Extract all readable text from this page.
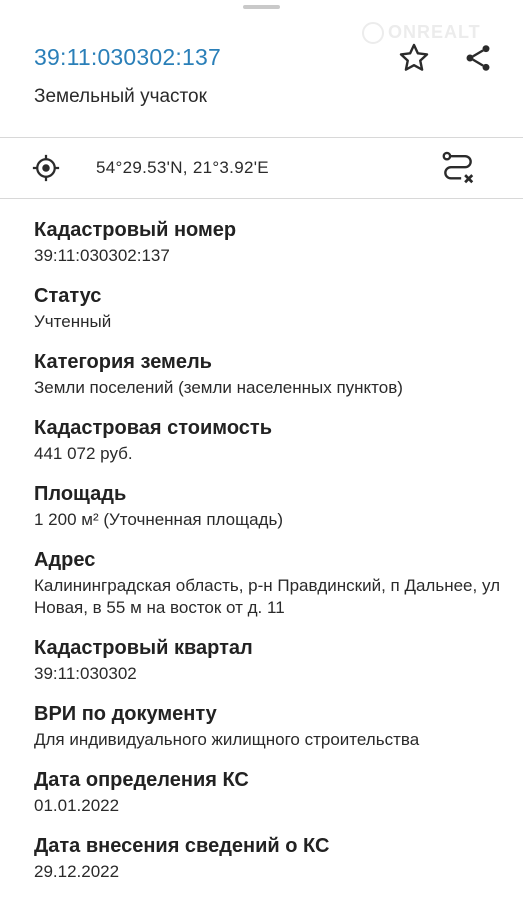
ONREALT
39:11:030302:137
Земельный участок
54°29.53'N, 21°3.92'E
Кадастровый номер
39:11:030302:137
Статус
Учтенный
Категория земель
Земли поселений (земли населенных пунктов)
Кадастровая стоимость
441 072 руб.
Площадь
1 200 м² (Уточненная площадь)
Адрес
Калининградская область, р-н Правдинский, п Дальнее, ул Новая, в 55 м на восток от д. 11
Кадастровый квартал
39:11:030302
ВРИ по документу
Для индивидуального жилищного строительства
Дата определения КС
01.01.2022
Дата внесения сведений о КС
29.12.2022
